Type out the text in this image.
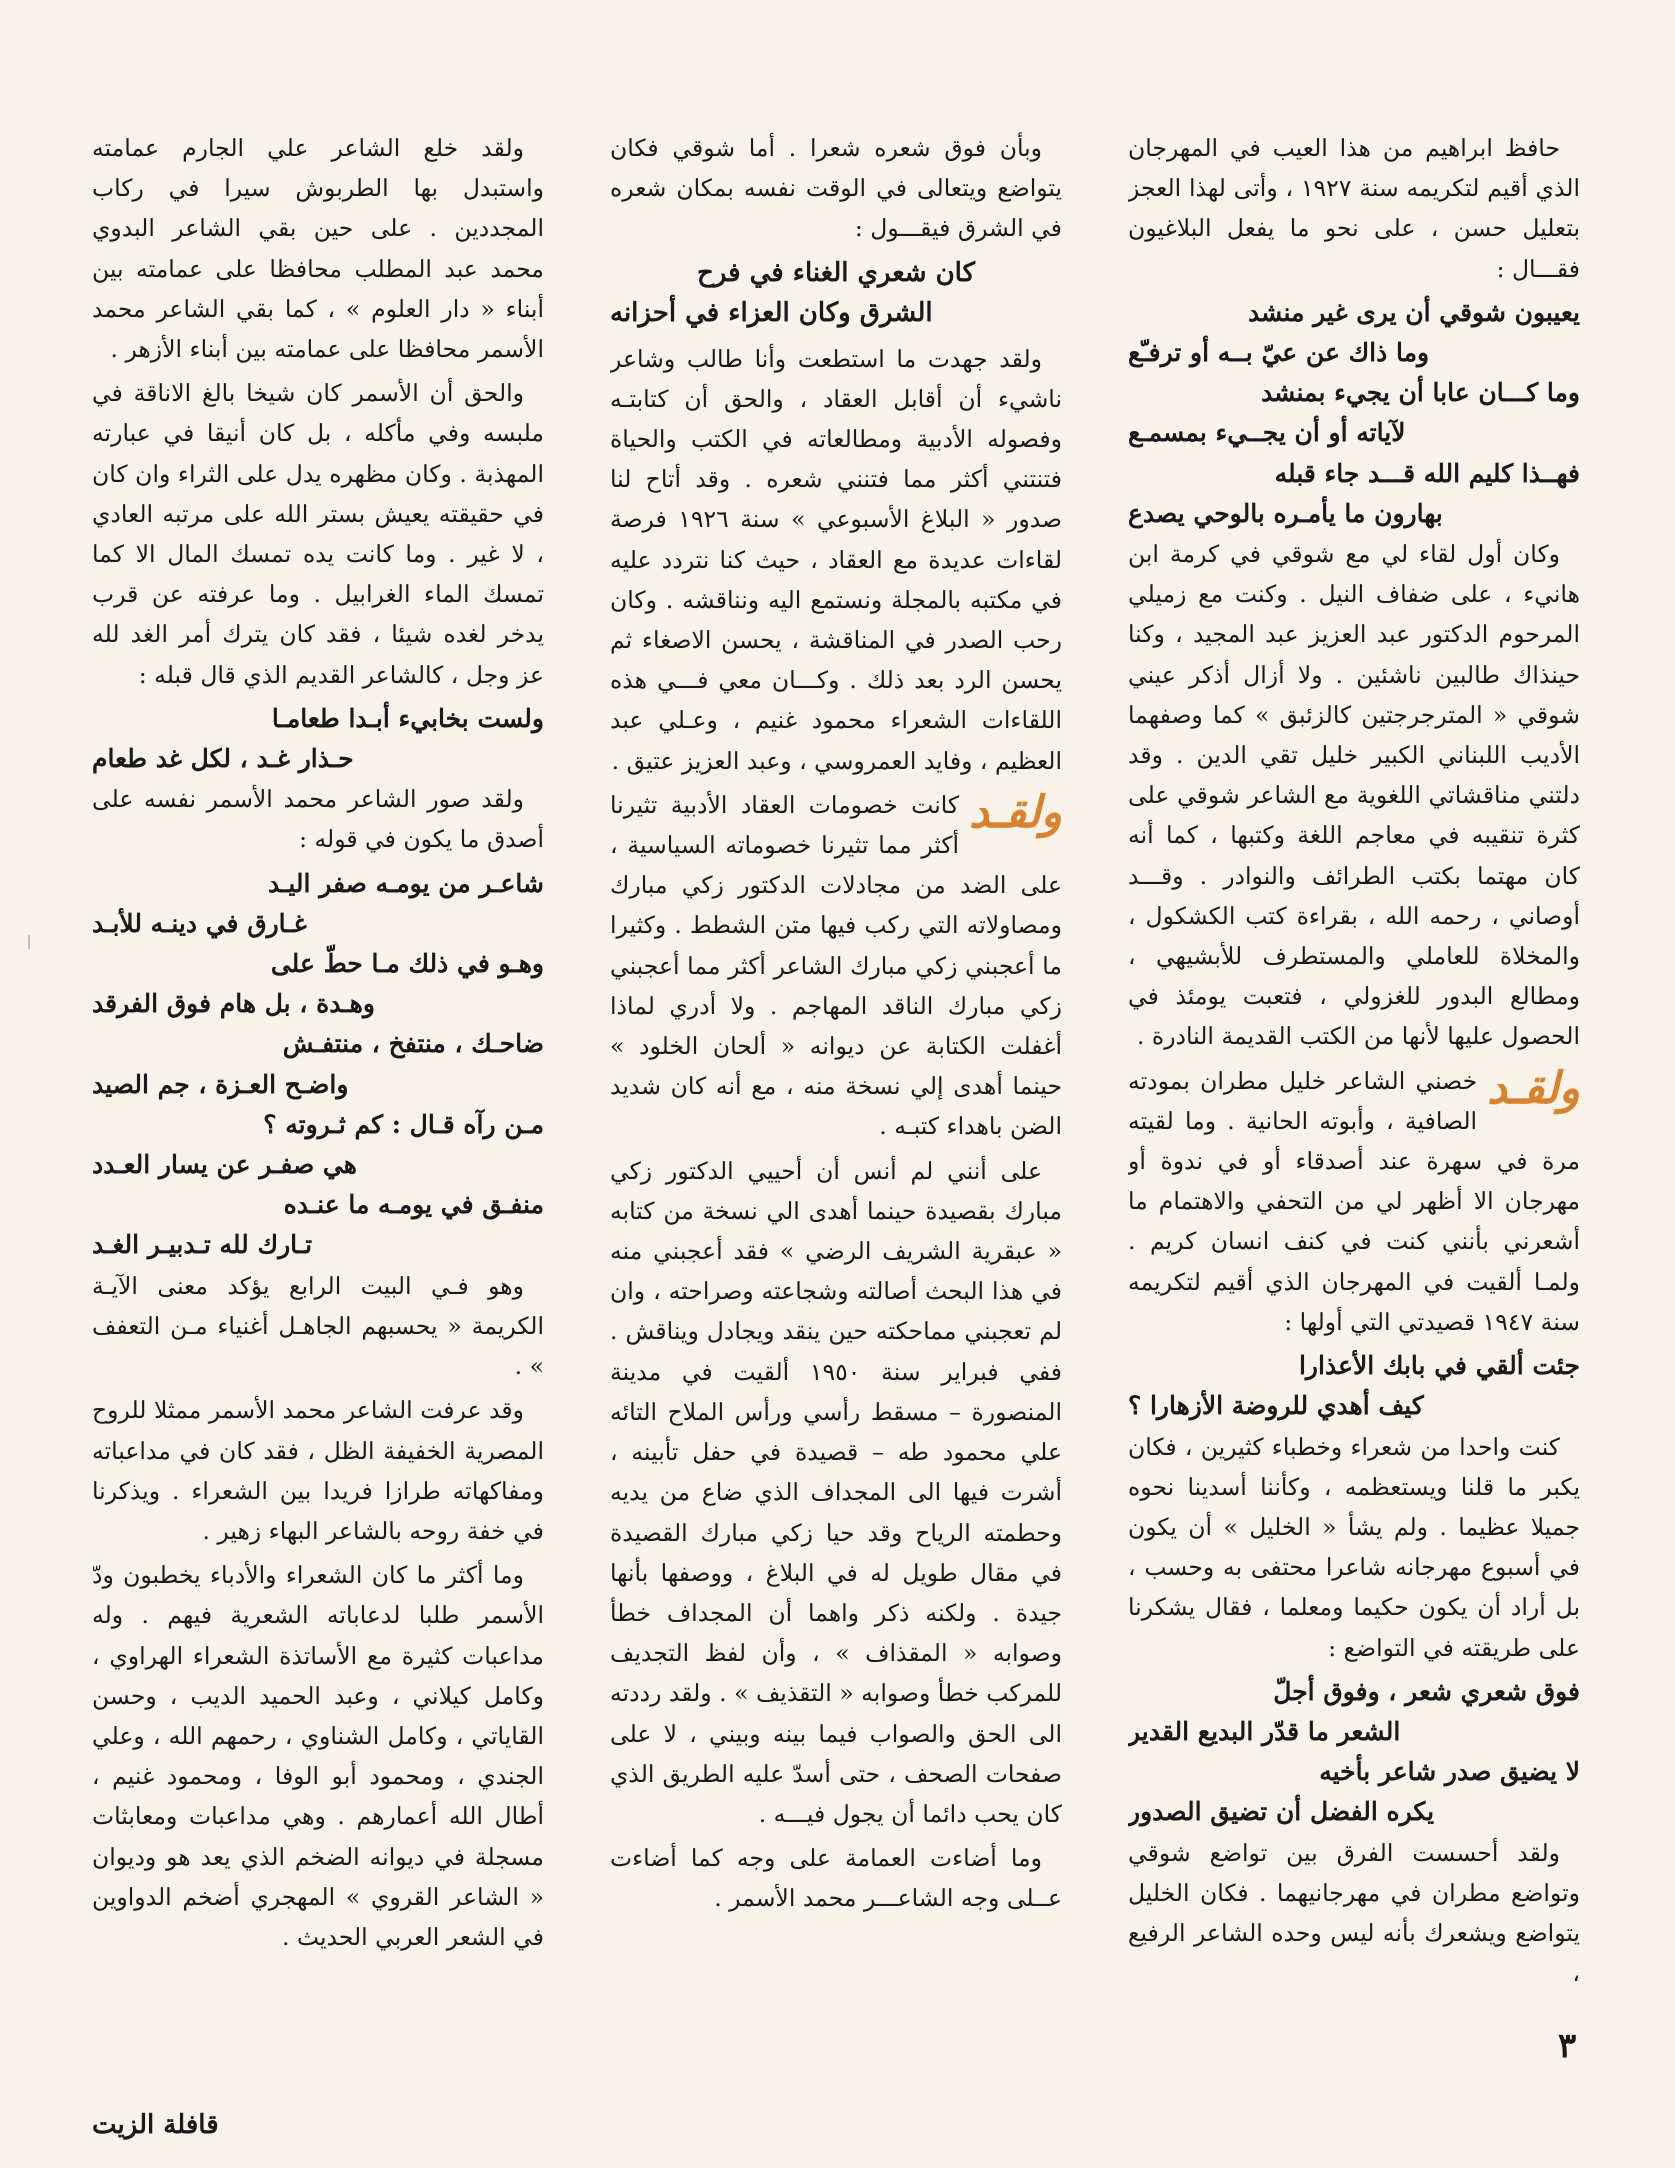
حافظ ابراهيم من هذا العيب في المهرجان الذي أقيم لتكريمه سنة ١٩٢٧ ، وأتى لهذا العجز بتعليل حسن ، على نحو ما يفعل البلاغيون فقـــال :

يعيبون شوقي أن يرى غير منشد
وما ذاك عن عيّ بــه أو ترفـّع
وما كـــان عابا أن يجيء بمنشد
لآياته أو أن يجــيء بمسمـع
فهــذا كليم الله قـــد جاء قبله
بهارون ما يأمـره بالوحي يصدع

وكان أول لقاء لي مع شوقي في كرمة ابن هانيء ، على ضفاف النيل . وكنت مع زميلي المرحوم الدكتور عبد العزيز عبد المجيد ، وكنا حينذاك طالبين ناشئين . ولا أزال أذكر عيني شوقي « المترجرجتين كالزئبق » كما وصفهما الأديب اللبناني الكبير خليل تقي الدين . وقد دلتني مناقشاتي اللغوية مع الشاعر شوقي على كثرة تنقيبه في معاجم اللغة وكتبها ، كما أنه كان مهتما بكتب الطرائف والنوادر . وقـــد أوصاني ، رحمه الله ، بقراءة كتب الكشكول ، والمخلاة للعاملي والمستطرف للأبشيهي ، ومطالع البدور للغزولي ، فتعبت يومئذ في الحصول عليها لأنها من الكتب القديمة النادرة .

ولقـد
خصني الشاعر خليل مطران بمودته الصافية ، وأبوته الحانية . وما لقيته مرة في سهرة عند أصدقاء أو في ندوة أو مهرجان الا أظهر لي من التحفي والاهتمام ما أشعرني بأنني كنت في كنف انسان كريم . ولمـا ألقيت في المهرجان الذي أقيم لتكريمه سنة ١٩٤٧ قصيدتي التي أولها :

جئت ألقي في بابك الأعذارا
كيف أهدي للروضة الأزهارا ؟

كنت واحدا من شعراء وخطباء كثيرين ، فكان يكبر ما قلنا ويستعظمه ، وكأننا أسدينا نحوه جميلا عظيما . ولم يشأ « الخليل » أن يكون في أسبوع مهرجانه شاعرا محتفى به وحسب ، بل أراد أن يكون حكيما ومعلما ، فقال يشكرنا على طريقته في التواضع :

فوق شعري شعر ، وفوق أجلّ
الشعر ما قدّر البديع القدير
لا يضيق صدر شاعر بأخيه
يكره الفضل أن تضيق الصدور

ولقد أحسست الفرق بين تواضع شوقي وتواضع مطران في مهرجانيهما . فكان الخليل يتواضع ويشعرك بأنه ليس وحده الشاعر الرفيع ،

وبأن فوق شعره شعرا . أما شوقي فكان يتواضع ويتعالى في الوقت نفسه بمكان شعره في الشرق فيقـــول :

كان شعري الغناء في فرح
الشرق وكان العزاء في أحزانه

ولقد جهدت ما استطعت وأنا طالب وشاعر ناشيء أن أقابل العقاد ، والحق أن كتابتـه وفصوله الأدبية ومطالعاته في الكتب والحياة فتنتني أكثر مما فتنني شعره . وقد أتاح لنا صدور « البلاغ الأسبوعي » سنة ١٩٢٦ فرصة لقاءات عديدة مع العقاد ، حيث كنا نتردد عليه في مكتبه بالمجلة ونستمع اليه ونناقشه . وكان رحب الصدر في المناقشة ، يحسن الاصغاء ثم يحسن الرد بعد ذلك . وكـــان معي فـــي هذه اللقاءات الشعراء محمود غنيم ، وعـلي عبد العظيم ، وفايد العمروسي ، وعبد العزيز عتيق .

ولقـد
كانت خصومات العقاد الأدبية تثيرنا أكثر مما تثيرنا خصوماته السياسية ، على الضد من مجادلات الدكتور زكي مبارك ومصاولاته التي ركب فيها متن الشطط . وكثيرا ما أعجبني زكي مبارك الشاعر أكثر مما أعجبني زكي مبارك الناقد المهاجم . ولا أدري لماذا أغفلت الكتابة عن ديوانه « ألحان الخلود » حينما أهدى إلي نسخة منه ، مع أنه كان شديد الضن باهداء كتبـه .

على أنني لم أنس أن أحييي الدكتور زكي مبارك بقصيدة حينما أهدى الي نسخة من كتابه « عبقرية الشريف الرضي » فقد أعجبني منه في هذا البحث أصالته وشجاعته وصراحته ، وان لم تعجبني مماحكته حين ينقد ويجادل ويناقش . ففي فبراير سنة ١٩٥٠ ألقيت في مدينة المنصورة – مسقط رأسي ورأس الملاح التائه علي محمود طه – قصيدة في حفل تأبينه ، أشرت فيها الى المجداف الذي ضاع من يديه وحطمته الرياح وقد حيا زكي مبارك القصيدة في مقال طويل له في البلاغ ، ووصفها بأنها جيدة . ولكنه ذكر واهما أن المجداف خطأ وصوابه « المقذاف » ، وأن لفظ التجديف للمركب خطأ وصوابه « التقذيف » . ولقد رددته الى الحق والصواب فيما بينه وبيني ، لا على صفحات الصحف ، حتى أسدّ عليه الطريق الذي كان يحب دائما أن يجول فيـــه .

وما أضاءت العمامة على وجه كما أضاءت عــلى وجه الشاعـــر محمد الأسمر .

ولقد خلع الشاعر علي الجارم عمامته واستبدل بها الطربوش سيرا في ركاب المجددين . على حين بقي الشاعر البدوي محمد عبد المطلب محافظا على عمامته بين أبناء « دار العلوم » ، كما بقي الشاعر محمد الأسمر محافظا على عمامته بين أبناء الأزهر .

والحق أن الأسمر كان شيخا بالغ الاناقة في ملبسه وفي مأكله ، بل كان أنيقا في عبارته المهذبة . وكان مظهره يدل على الثراء وان كان في حقيقته يعيش بستر الله على مرتبه العادي ، لا غير . وما كانت يده تمسك المال الا كما تمسك الماء الغرابيل . وما عرفته عن قرب يدخر لغده شيئا ، فقد كان يترك أمر الغد لله عز وجل ، كالشاعر القديم الذي قال قبله :

ولست بخابيء أبـدا طعامـا
حـذار غـد ، لكل غد طعام

ولقد صور الشاعر محمد الأسمر نفسه على أصدق ما يكون في قوله :

شاعـر من يومـه صفر اليـد
غـارق في دينـه للأبـد
وهـو في ذلك مـا حطّ على
وهـدة ، بل هام فوق الفرقد
ضاحـك ، منتفخ ، منتفـش
واضـح العـزة ، جم الصيد
مـن رآه قـال : كم ثـروته ؟
هي صفـر عن يسار العـدد
منفـق في يومـه ما عنـده
تـارك لله تـدبيـر الغـد

وهو فـي البيت الرابع يؤكد معنى الآيـة الكريمة « يحسبهم الجاهـل أغنياء مـن التعفف » .

وقد عرفت الشاعر محمد الأسمر ممثلا للروح المصرية الخفيفة الظل ، فقد كان في مداعباته ومفاكهاته طرازا فريدا بين الشعراء . ويذكرنا في خفة روحه بالشاعر البهاء زهير .

وما أكثر ما كان الشعراء والأدباء يخطبون ودّ الأسمر طلبا لدعاباته الشعرية فيهم . وله مداعبات كثيرة مع الأساتذة الشعراء الهراوي ، وكامل كيلاني ، وعبد الحميد الديب ، وحسن القاياتي ، وكامل الشناوي ، رحمهم الله ، وعلي الجندي ، ومحمود أبو الوفا ، ومحمود غنيم ، أطال الله أعمارهم . وهي مداعبات ومعابثات مسجلة في ديوانه الضخم الذي يعد هو وديوان « الشاعر القروي » المهجري أضخم الدواوين في الشعر العربي الحديث .

٣
قافلة الزيت
